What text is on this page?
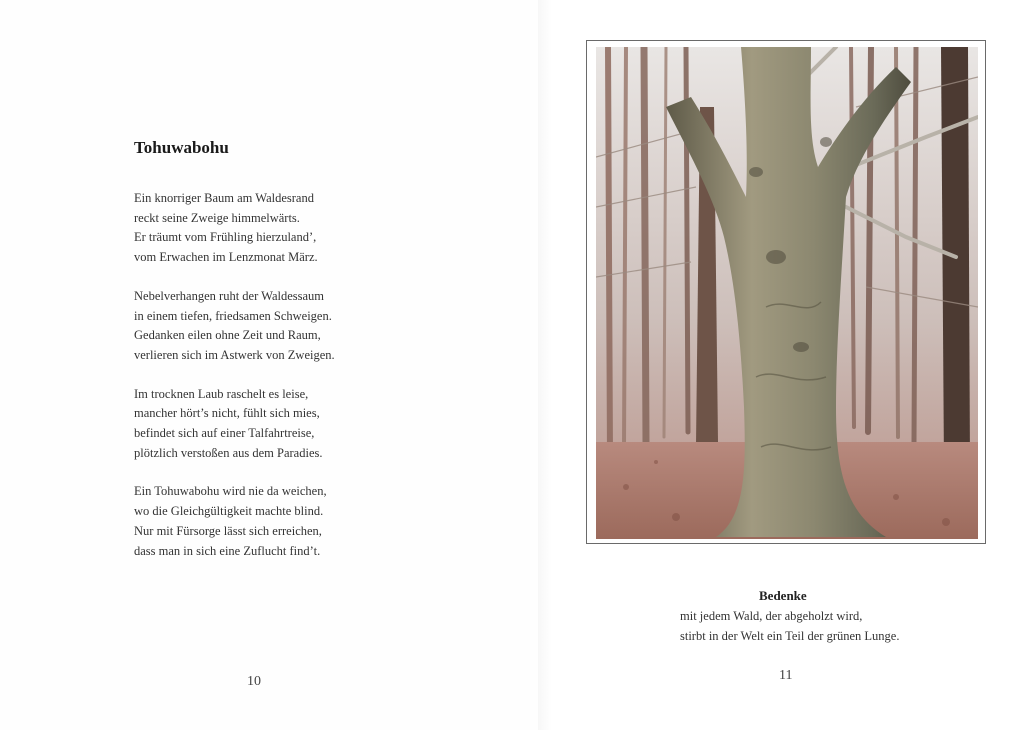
Tohuwabohu

Ein knorriger Baum am Waldesrand
reckt seine Zweige himmelwärts.
Er träumt vom Frühling hierzuland’,
vom Erwachen im Lenzmonat März.

Nebelverhangen ruht der Waldessaum
in einem tiefen, friedsamen Schweigen.
Gedanken eilen ohne Zeit und Raum,
verlieren sich im Astwerk von Zweigen.

Im trocknen Laub raschelt es leise,
mancher hört’s nicht, fühlt sich mies,
befindet sich auf einer Talfahrtreise,
plötzlich verstoßen aus dem Paradies.

Ein Tohuwabohu wird nie da weichen,
wo die Gleichgültigkeit machte blind.
Nur mit Fürsorge lässt sich erreichen,
dass man in sich eine Zuflucht find’t.

10

Bedenke

mit jedem Wald, der abgeholzt wird,
stirbt in der Welt ein Teil der grünen Lunge.
11
